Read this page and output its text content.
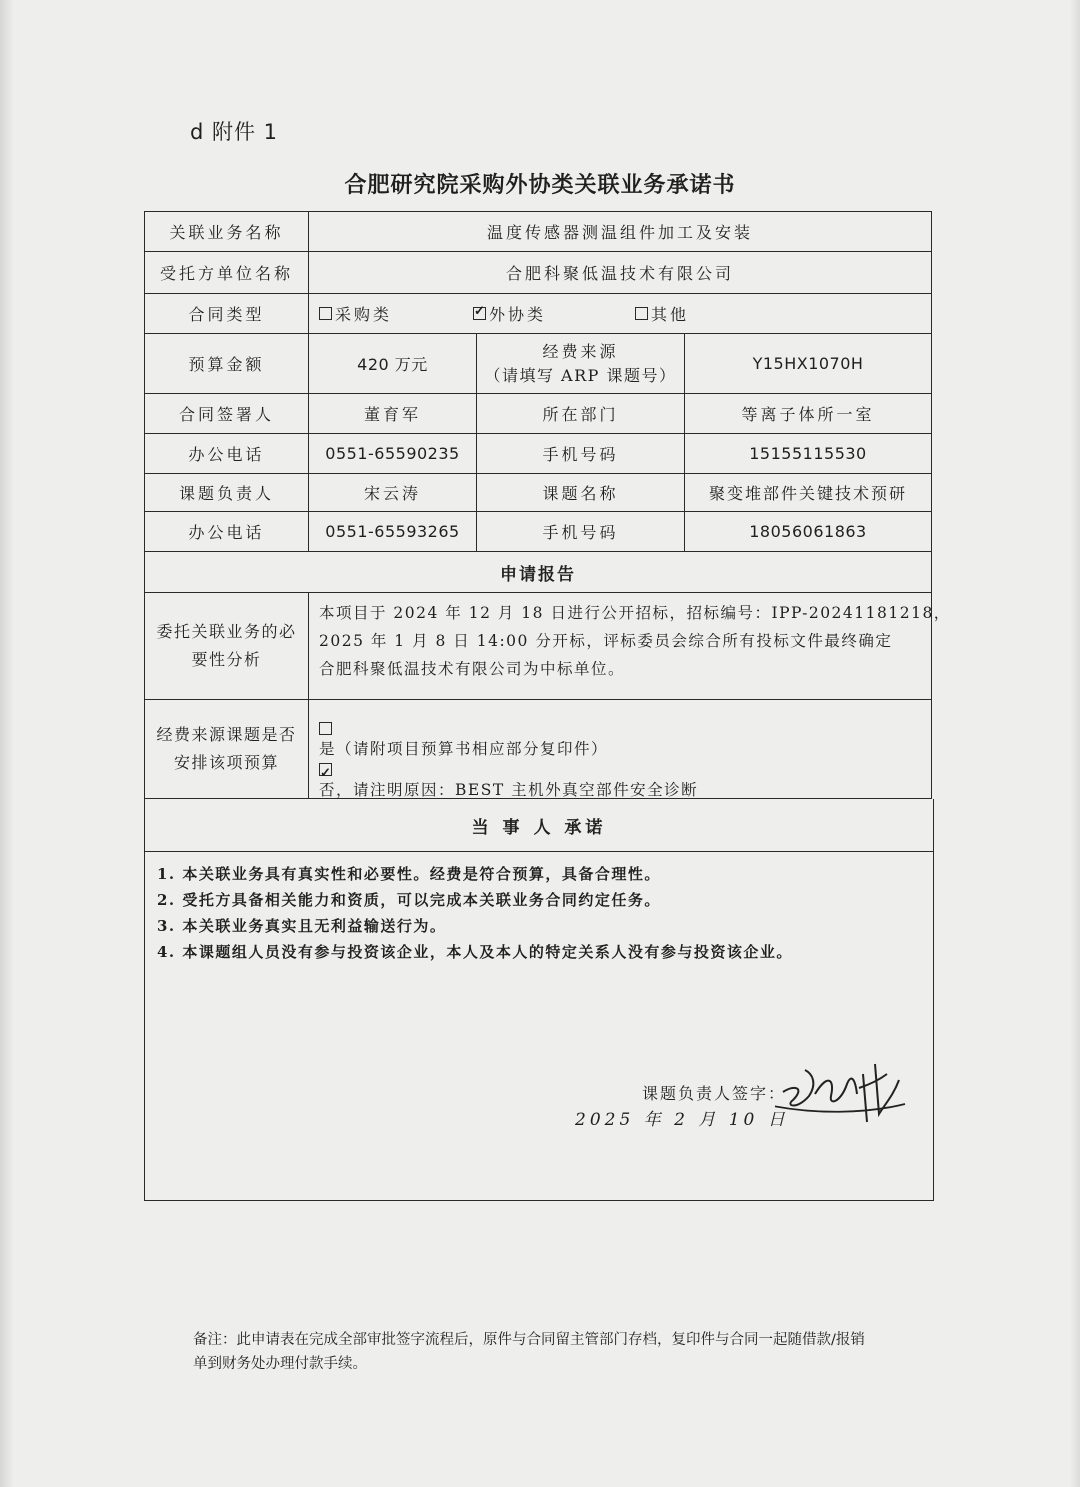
d 附件 1
合肥研究院采购外协类关联业务承诺书
关联业务名称	温度传感器测温组件加工及安装
受托方单位名称	合肥科聚低温技术有限公司
合同类型	采购类
✓	外协类	其他
预算金额	420 万元
经费来源
（请填写 ARP 课题号）
Y15HX1070H
合同签署人	董育军	所在部门	等离子体所一室
办公电话	0551-65590235	手机号码	15155115530
课题负责人	宋云涛	课题名称	聚变堆部件关键技术预研
办公电话	0551-65593265	手机号码	18056061863
申请报告
委托关联业务的必
要性分析
本项目于 2024 年 12 月 18 日进行公开招标，招标编号：IPP-20241181218，
2025 年 1 月 8 日 14:00 分开标，评标委员会综合所有投标文件最终确定
合肥科聚低温技术有限公司为中标单位。
经费来源课题是否
安排该项预算
是（请附项目预算书相应部分复印件）
✓
否，请注明原因：BEST 主机外真空部件安全诊断
当 事 人 承诺
1. 本关联业务具有真实性和必要性。经费是符合预算，具备合理性。
2. 受托方具备相关能力和资质，可以完成本关联业务合同约定任务。
3. 本关联业务真实且无利益输送行为。
4. 本课题组人员没有参与投资该企业，本人及本人的特定关系人没有参与投资该企业。
课题负责人签字：
2025 年 2 月 10 日
备注：此申请表在完成全部审批签字流程后，原件与合同留主管部门存档，复印件与合同一起随借款/报销
单到财务处办理付款手续。
